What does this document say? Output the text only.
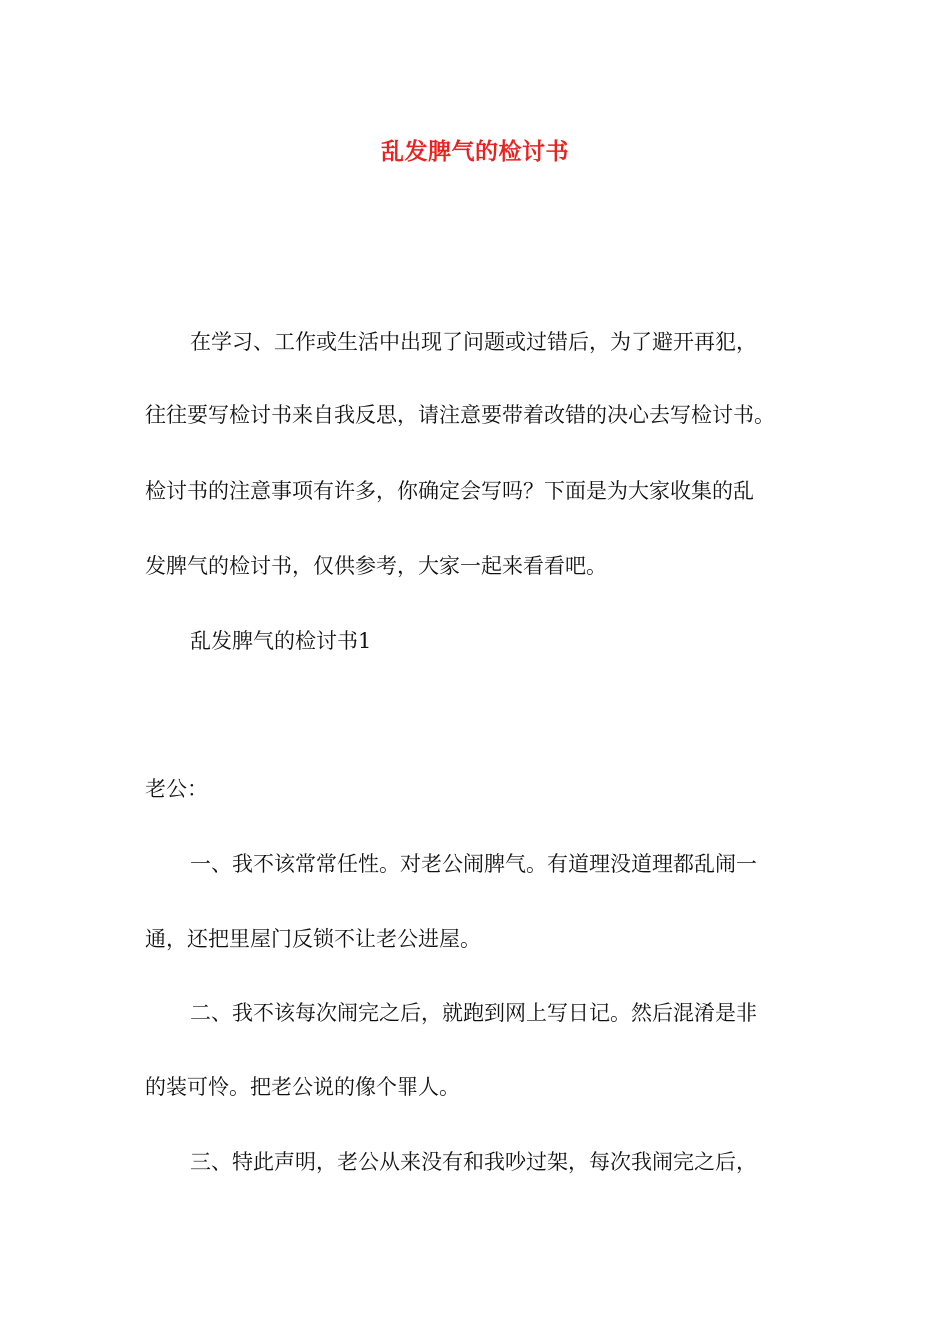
乱发脾气的检讨书

在学习、工作或生活中出现了问题或过错后，为了避开再犯，

往往要写检讨书来自我反思，请注意要带着改错的决心去写检讨书。

检讨书的注意事项有许多，你确定会写吗？下面是为大家收集的乱

发脾气的检讨书，仅供参考，大家一起来看看吧。

乱发脾气的检讨书1

老公：

一、我不该常常任性。对老公闹脾气。有道理没道理都乱闹一

通，还把里屋门反锁不让老公进屋。

二、我不该每次闹完之后，就跑到网上写日记。然后混淆是非

的装可怜。把老公说的像个罪人。

三、特此声明，老公从来没有和我吵过架，每次我闹完之后，
